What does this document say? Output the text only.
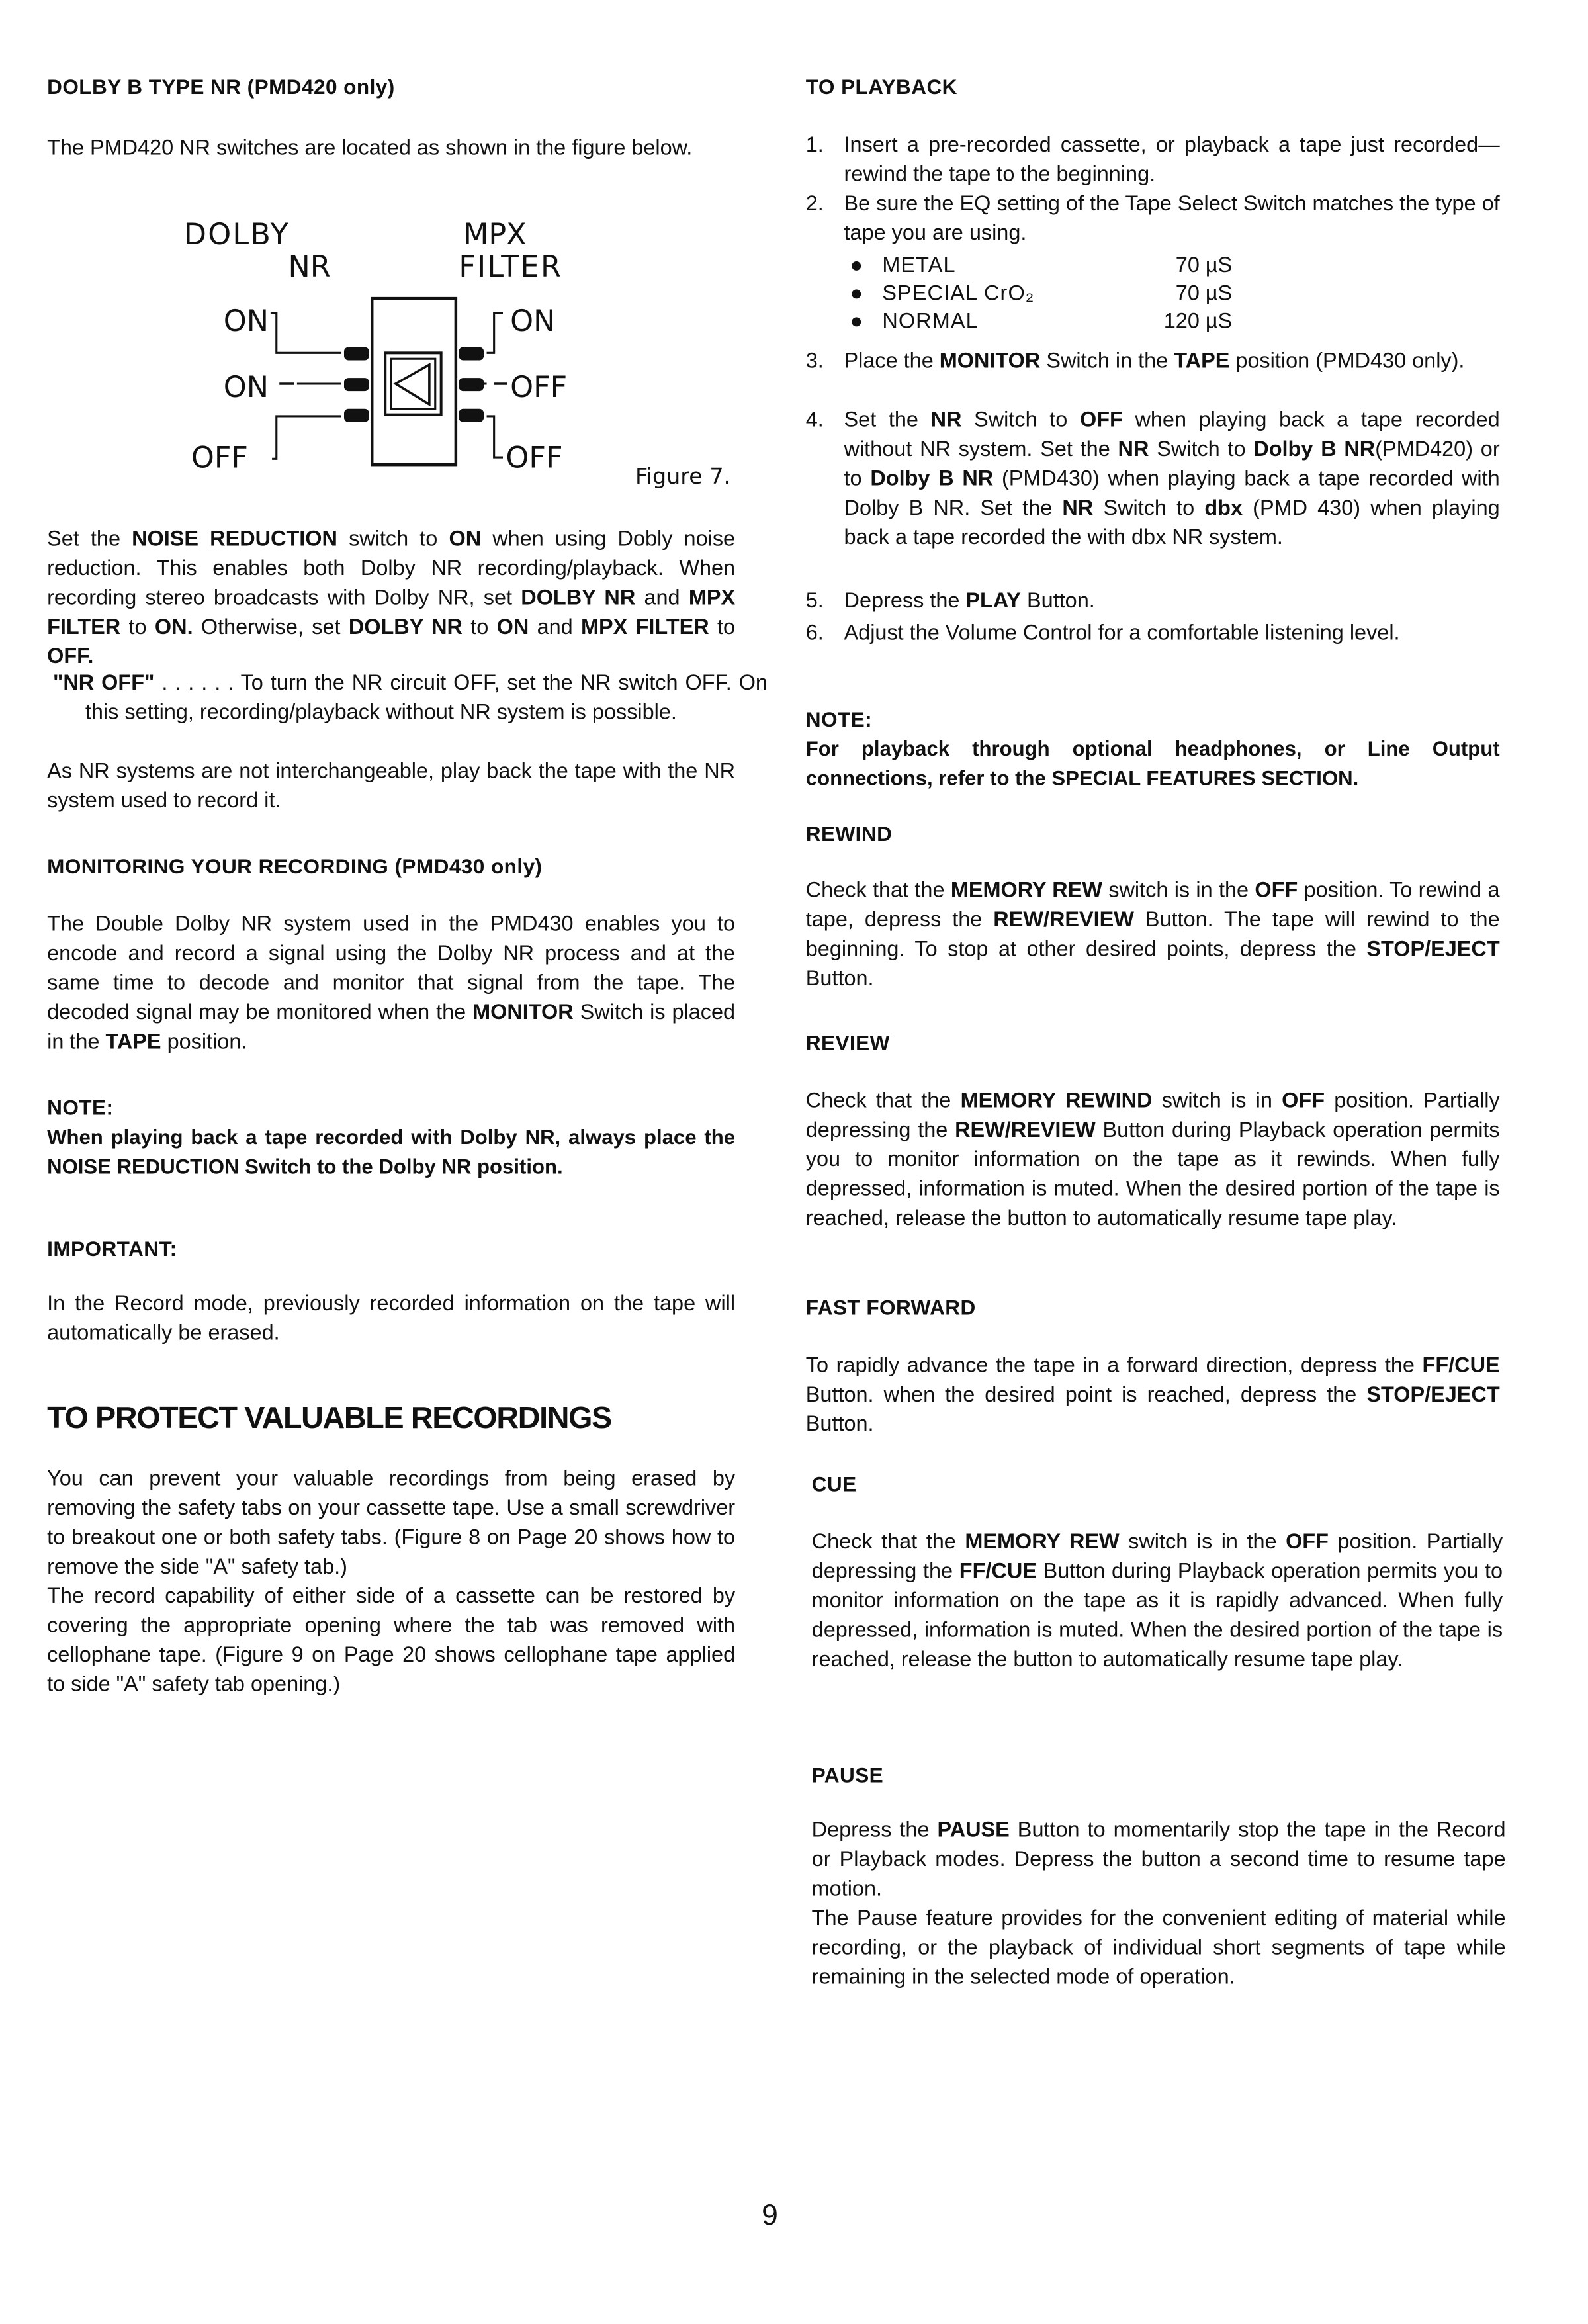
DOLBY B TYPE NR (PMD420 only)
The PMD420 NR switches are located as shown in the figure below.
DOLBY
NR
MPX
FILTER
ON
ON
OFF
ON
OFF
OFF
Figure 7.
Set the NOISE REDUCTION switch to ON when using Dobly noise reduction. This enables both Dolby NR recording/playback. When recording stereo broadcasts with Dolby NR, set DOLBY NR and MPX FILTER to ON. Otherwise, set DOLBY NR to ON and MPX FILTER to OFF.
"NR OFF" . . . . . . To turn the NR circuit OFF, set the NR switch OFF. On this setting, recording/playback without NR system is possible.
As NR systems are not interchangeable, play back the tape with the NR system used to record it.
MONITORING YOUR RECORDING (PMD430 only)
The Double Dolby NR system used in the PMD430 enables you to encode and record a signal using the Dolby NR process and at the same time to decode and monitor that signal from the tape. The decoded signal may be monitored when the MONITOR Switch is placed in the TAPE position.
NOTE:
When playing back a tape recorded with Dolby NR, always place the NOISE REDUCTION Switch to the Dolby NR position.
IMPORTANT:
In the Record mode, previously recorded information on the tape will automatically be erased.
TO PROTECT VALUABLE RECORDINGS

You can prevent your valuable recordings from being erased by removing the safety tabs on your cassette tape. Use a small screwdriver to breakout one or both safety tabs. (Figure 8 on Page 20 shows how to remove the side "A" safety tab.)

The record capability of either side of a cassette can be restored by covering the appropriate opening where the tab was removed with cellophane tape. (Figure 9 on Page 20 shows cellophane tape applied to side "A" safety tab opening.)

TO PLAYBACK
1.	Insert a pre-recorded cassette, or playback a tape just recorded—rewind the tape to the beginning.
2.	Be sure the EQ setting of the Tape Select Switch matches the type of tape you are using.
● METAL	70 µS
● SPECIAL CrO₂	70 µS
● NORMAL	120 µS
3.	Place the MONITOR Switch in the TAPE position (PMD430 only).
4.	Set the NR Switch to OFF when playing back a tape recorded without NR system. Set the NR Switch to Dolby B NR(PMD420) or to Dolby B NR (PMD430) when playing back a tape recorded with Dolby B NR. Set the NR Switch to dbx (PMD 430) when playing back a tape recorded the with dbx NR system.
5.	Depress the PLAY Button.
6.	Adjust the Volume Control for a comfortable listening level.
NOTE:
For playback through optional headphones, or Line Output connections, refer to the SPECIAL FEATURES SECTION.
REWIND
Check that the MEMORY REW switch is in the OFF position. To rewind a tape, depress the REW/REVIEW Button. The tape will rewind to the beginning. To stop at other desired points, depress the STOP/EJECT Button.
REVIEW
Check that the MEMORY REWIND switch is in OFF position. Partially depressing the REW/REVIEW Button during Playback operation permits you to monitor information on the tape as it rewinds. When fully depressed, information is muted. When the desired portion of the tape is reached, release the button to automatically resume tape play.
FAST FORWARD
To rapidly advance the tape in a forward direction, depress the FF/CUE Button. when the desired point is reached, depress the STOP/EJECT Button.
CUE
Check that the MEMORY REW switch is in the OFF position. Partially depressing the FF/CUE Button during Playback operation permits you to monitor information on the tape as it is rapidly advanced. When fully depressed, information is muted. When the desired portion of the tape is reached, release the button to automatically resume tape play.
PAUSE

Depress the PAUSE Button to momentarily stop the tape in the Record or Playback modes. Depress the button a second time to resume tape motion.

The Pause feature provides for the convenient editing of material while recording, or the playback of individual short segments of tape while remaining in the selected mode of operation.

9
